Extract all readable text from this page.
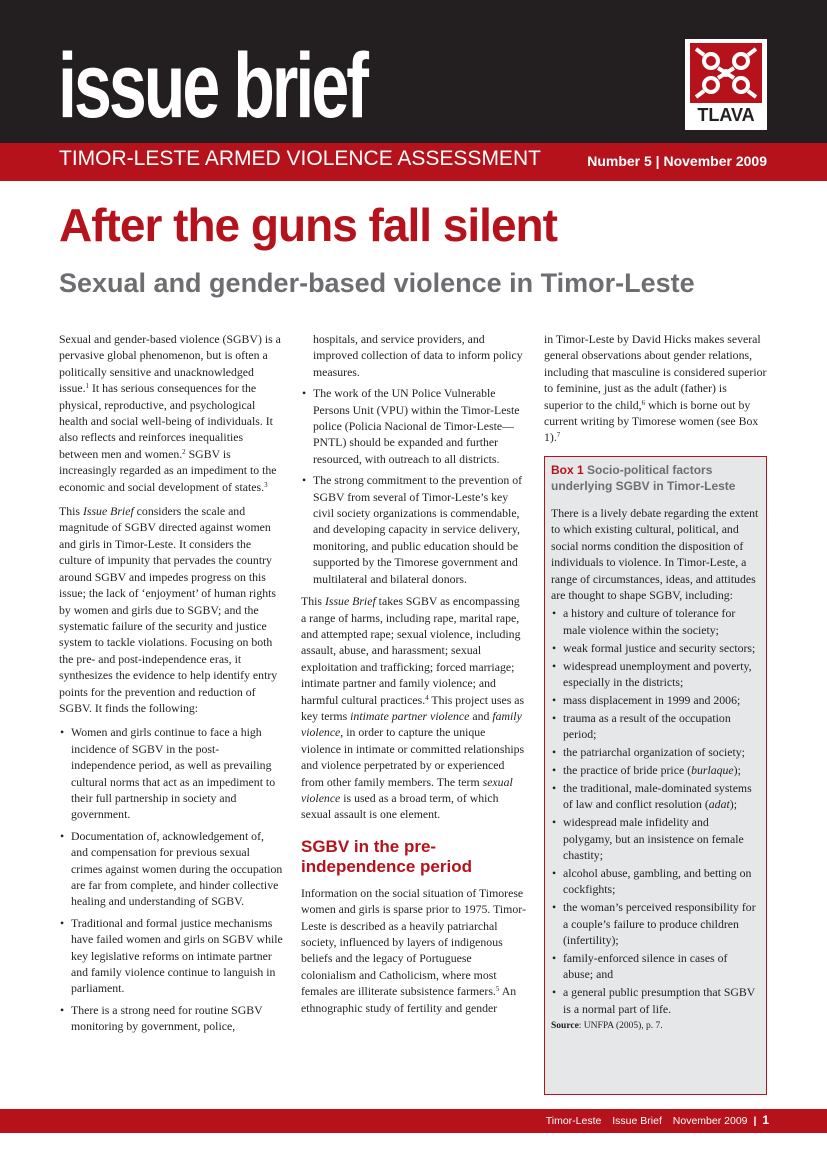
issue brief	TLAVA
TIMOR-LESTE ARMED VIOLENCE ASSESSMENT	Number 5 | November 2009
After the guns fall silent
Sexual and gender-based violence in Timor-Leste

Sexual and gender-based violence (SGBV) is a pervasive global phenomenon, but is often a politically sensitive and unacknowledged issue.$^1$ It has serious consequences for the physical, reproductive, and psychological health and social well-being of individuals. It also reflects and reinforces inequalities between men and women.$^2$ SGBV is increasingly regarded as an impediment to the economic and social development of states.$^3$

This Issue Brief considers the scale and magnitude of SGBV directed against women and girls in Timor-Leste. It considers the culture of impunity that pervades the country around SGBV and impedes progress on this issue; the lack of ‘enjoyment’ of human rights by women and girls due to SGBV; and the systematic failure of the security and justice system to tackle violations. Focusing on both the pre- and post-independence eras, it synthesizes the evidence to help identify entry points for the prevention and reduction of SGBV. It finds the following:

• Women and girls continue to face a high incidence of SGBV in the post-independence period, as well as prevailing cultural norms that act as an impediment to their full partnership in society and government.
• Documentation of, acknowledgement of, and compensation for previous sexual crimes against women during the occupation are far from complete, and hinder collective healing and understanding of SGBV.
• Traditional and formal justice mechanisms have failed women and girls on SGBV while key legislative reforms on intimate partner and family violence continue to languish in parliament.
• There is a strong need for routine SGBV monitoring by government, police,

hospitals, and service providers, and improved collection of data to inform policy measures.

• The work of the UN Police Vulnerable Persons Unit (VPU) within the Timor-Leste police (Policia Nacional de Timor-Leste—PNTL) should be expanded and further resourced, with outreach to all districts.
• The strong commitment to the prevention of SGBV from several of Timor-Leste’s key civil society organizations is commendable, and developing capacity in service delivery, monitoring, and public education should be supported by the Timorese government and multilateral and bilateral donors.

This Issue Brief takes SGBV as encompassing a range of harms, including rape, marital rape, and attempted rape; sexual violence, including assault, abuse, and harassment; sexual exploitation and trafficking; forced marriage; intimate partner and family violence; and harmful cultural practices.$^4$ This project uses as key terms intimate partner violence and family violence, in order to capture the unique violence in intimate or committed relationships and violence perpetrated by or experienced from other family members. The term sexual violence is used as a broad term, of which sexual assault is one element.

SGBV in the pre-independence period

Information on the social situation of Timorese women and girls is sparse prior to 1975. Timor-Leste is described as a heavily patriarchal society, influenced by layers of indigenous beliefs and the legacy of Portuguese colonialism and Catholicism, where most females are illiterate subsistence farmers.$^5$ An ethnographic study of fertility and gender

in Timor-Leste by David Hicks makes several general observations about gender relations, including that masculine is considered superior to feminine, just as the adult (father) is superior to the child,$^6$ which is borne out by current writing by Timorese women (see Box 1).$^7$

Box 1 Socio-political factors underlying SGBV in Timor-Leste

There is a lively debate regarding the extent to which existing cultural, political, and social norms condition the disposition of individuals to violence. In Timor-Leste, a range of circumstances, ideas, and attitudes are thought to shape SGBV, including:

• a history and culture of tolerance for male violence within the society;
• weak formal justice and security sectors;
• widespread unemployment and poverty, especially in the districts;
• mass displacement in 1999 and 2006;
• trauma as a result of the occupation period;
• the patriarchal organization of society;
• the practice of bride price (burlaque);
• the traditional, male-dominated systems of law and conflict resolution (adat);
• widespread male infidelity and polygamy, but an insistence on female chastity;
• alcohol abuse, gambling, and betting on cockfights;
• the woman’s perceived responsibility for a couple’s failure to produce children (infertility);
• family-enforced silence in cases of abuse; and
• a general public presumption that SGBV is a normal part of life.
Source: UNFPA (2005), p. 7.
Timor-Leste Issue Brief November 2009 | 1
